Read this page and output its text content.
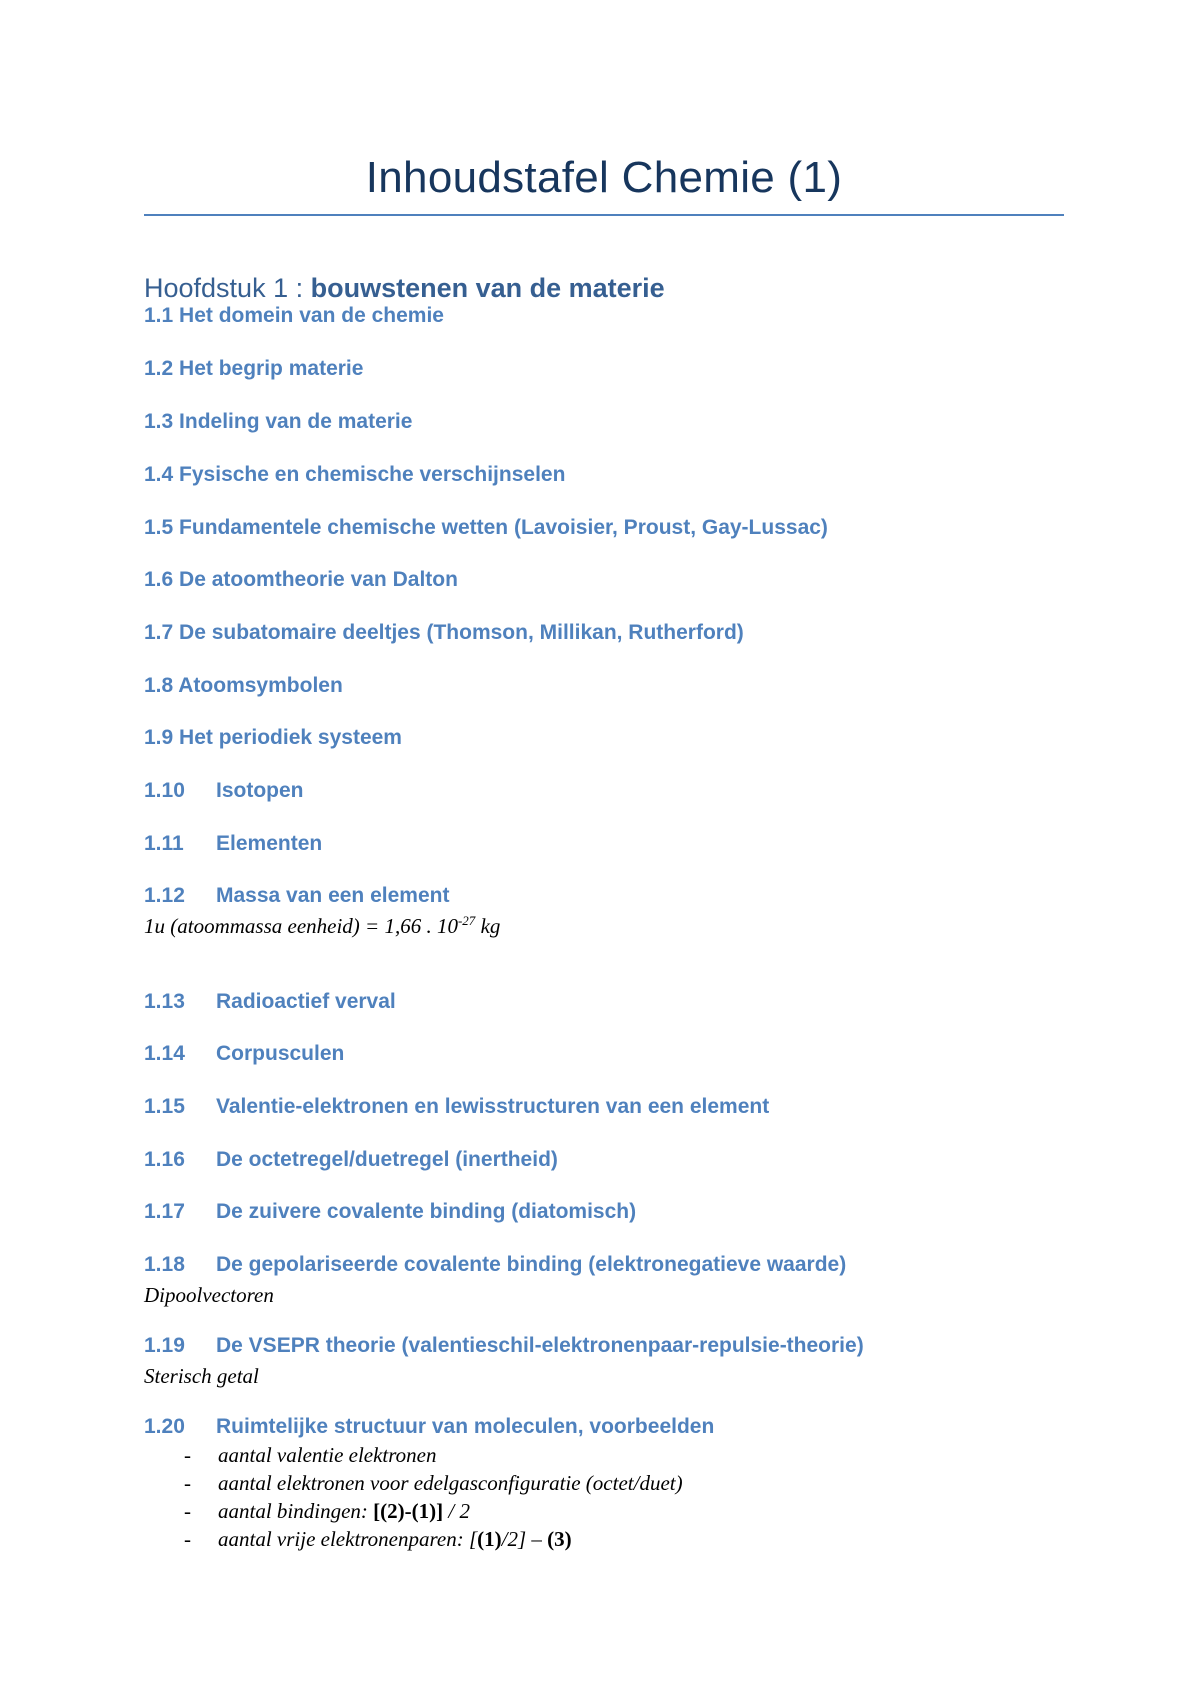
Inhoudstafel Chemie (1)
Hoofdstuk 1 : bouwstenen van de materie
1.1 Het domein van de chemie
1.2 Het begrip materie
1.3 Indeling van de materie
1.4 Fysische en chemische verschijnselen
1.5 Fundamentele chemische wetten (Lavoisier, Proust, Gay-Lussac)
1.6 De atoomtheorie van Dalton
1.7 De subatomaire deeltjes (Thomson, Millikan, Rutherford)
1.8 Atoomsymbolen
1.9 Het periodiek systeem
1.10 Isotopen
1.11 Elementen
1.12 Massa van een element
1u (atoommassa eenheid) = 1,66 . $10^{-27}$ kg
1.13 Radioactief verval
1.14 Corpusculen
1.15 Valentie-elektronen en lewisstructuren van een element
1.16 De octetregel/duetregel (inertheid)
1.17 De zuivere covalente binding (diatomisch)
1.18 De gepolariseerde covalente binding (elektronegatieve waarde)
Dipoolvectoren
1.19 De VSEPR theorie (valentieschil-elektronenpaar-repulsie-theorie)
Sterisch getal
1.20 Ruimtelijke structuur van moleculen, voorbeelden
- aantal valentie elektronen
- aantal elektronen voor edelgasconfiguratie (octet/duet)
- aantal bindingen: [(2)-(1)] / 2
- aantal vrije elektronenparen: [(1)/2] – (3)
